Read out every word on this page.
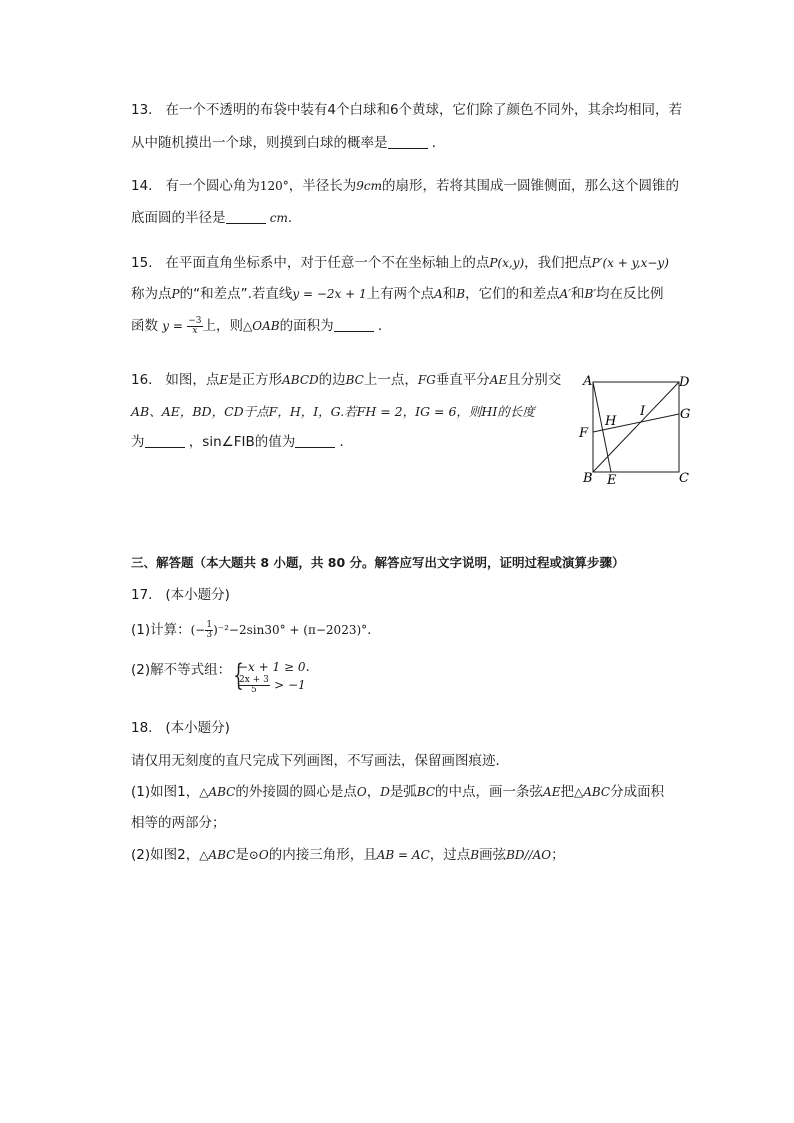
13. 在一个不透明的布袋中装有4个白球和6个黄球，它们除了颜色不同外，其余均相同，若
从中随机摸出一个球，则摸到白球的概率是	．
14. 有一个圆心角为120°，半径长为9cm的扇形，若将其围成一圆锥侧面，那么这个圆锥的
底面圆的半径是	cm.
15. 在平面直角坐标系中，对于任意一个不在坐标轴上的点P(x,y)，我们把点P′(x + y,x−y)
称为点P的“和差点”.若直线y = −2x + 1上有两个点A和B，它们的和差点A′和B′均在反比例
函数 $y = \frac{-3}{x}$ 上，则△OAB的面积为	．
16. 如图，点E是正方形ABCD的边BC上一点，FG垂直平分AE且分别交
AB、AE，BD，CD于点F，H，I，G.若FH = 2，IG = 6，则HI的长度
为	，sin∠FIB的值为	．
A
B	C
D
E
F
G
H
I
三、解答题（本大题共 8 小题，共 80 分。解答应写出文字说明，证明过程或演算步骤）
17. (本小题分)
(1)计算：(− $\frac{1}{3} )^{-2}-2\sin 30^\circ + (\pi-2023)^\circ$.
(2)解不等式组： {
−x + 1 ≥ 0.
$\frac{2x + 3}{5} > -1$
18. (本小题分)
请仅用无刻度的直尺完成下列画图，不写画法，保留画图痕迹．
(1)如图1，△ABC的外接圆的圆心是点O，D是弧BC的中点，画一条弦AE把△ABC分成面积
相等的两部分；
(2)如图2，△ABC是⊙O的内接三角形，且AB = AC，过点B画弦BD//AO；
